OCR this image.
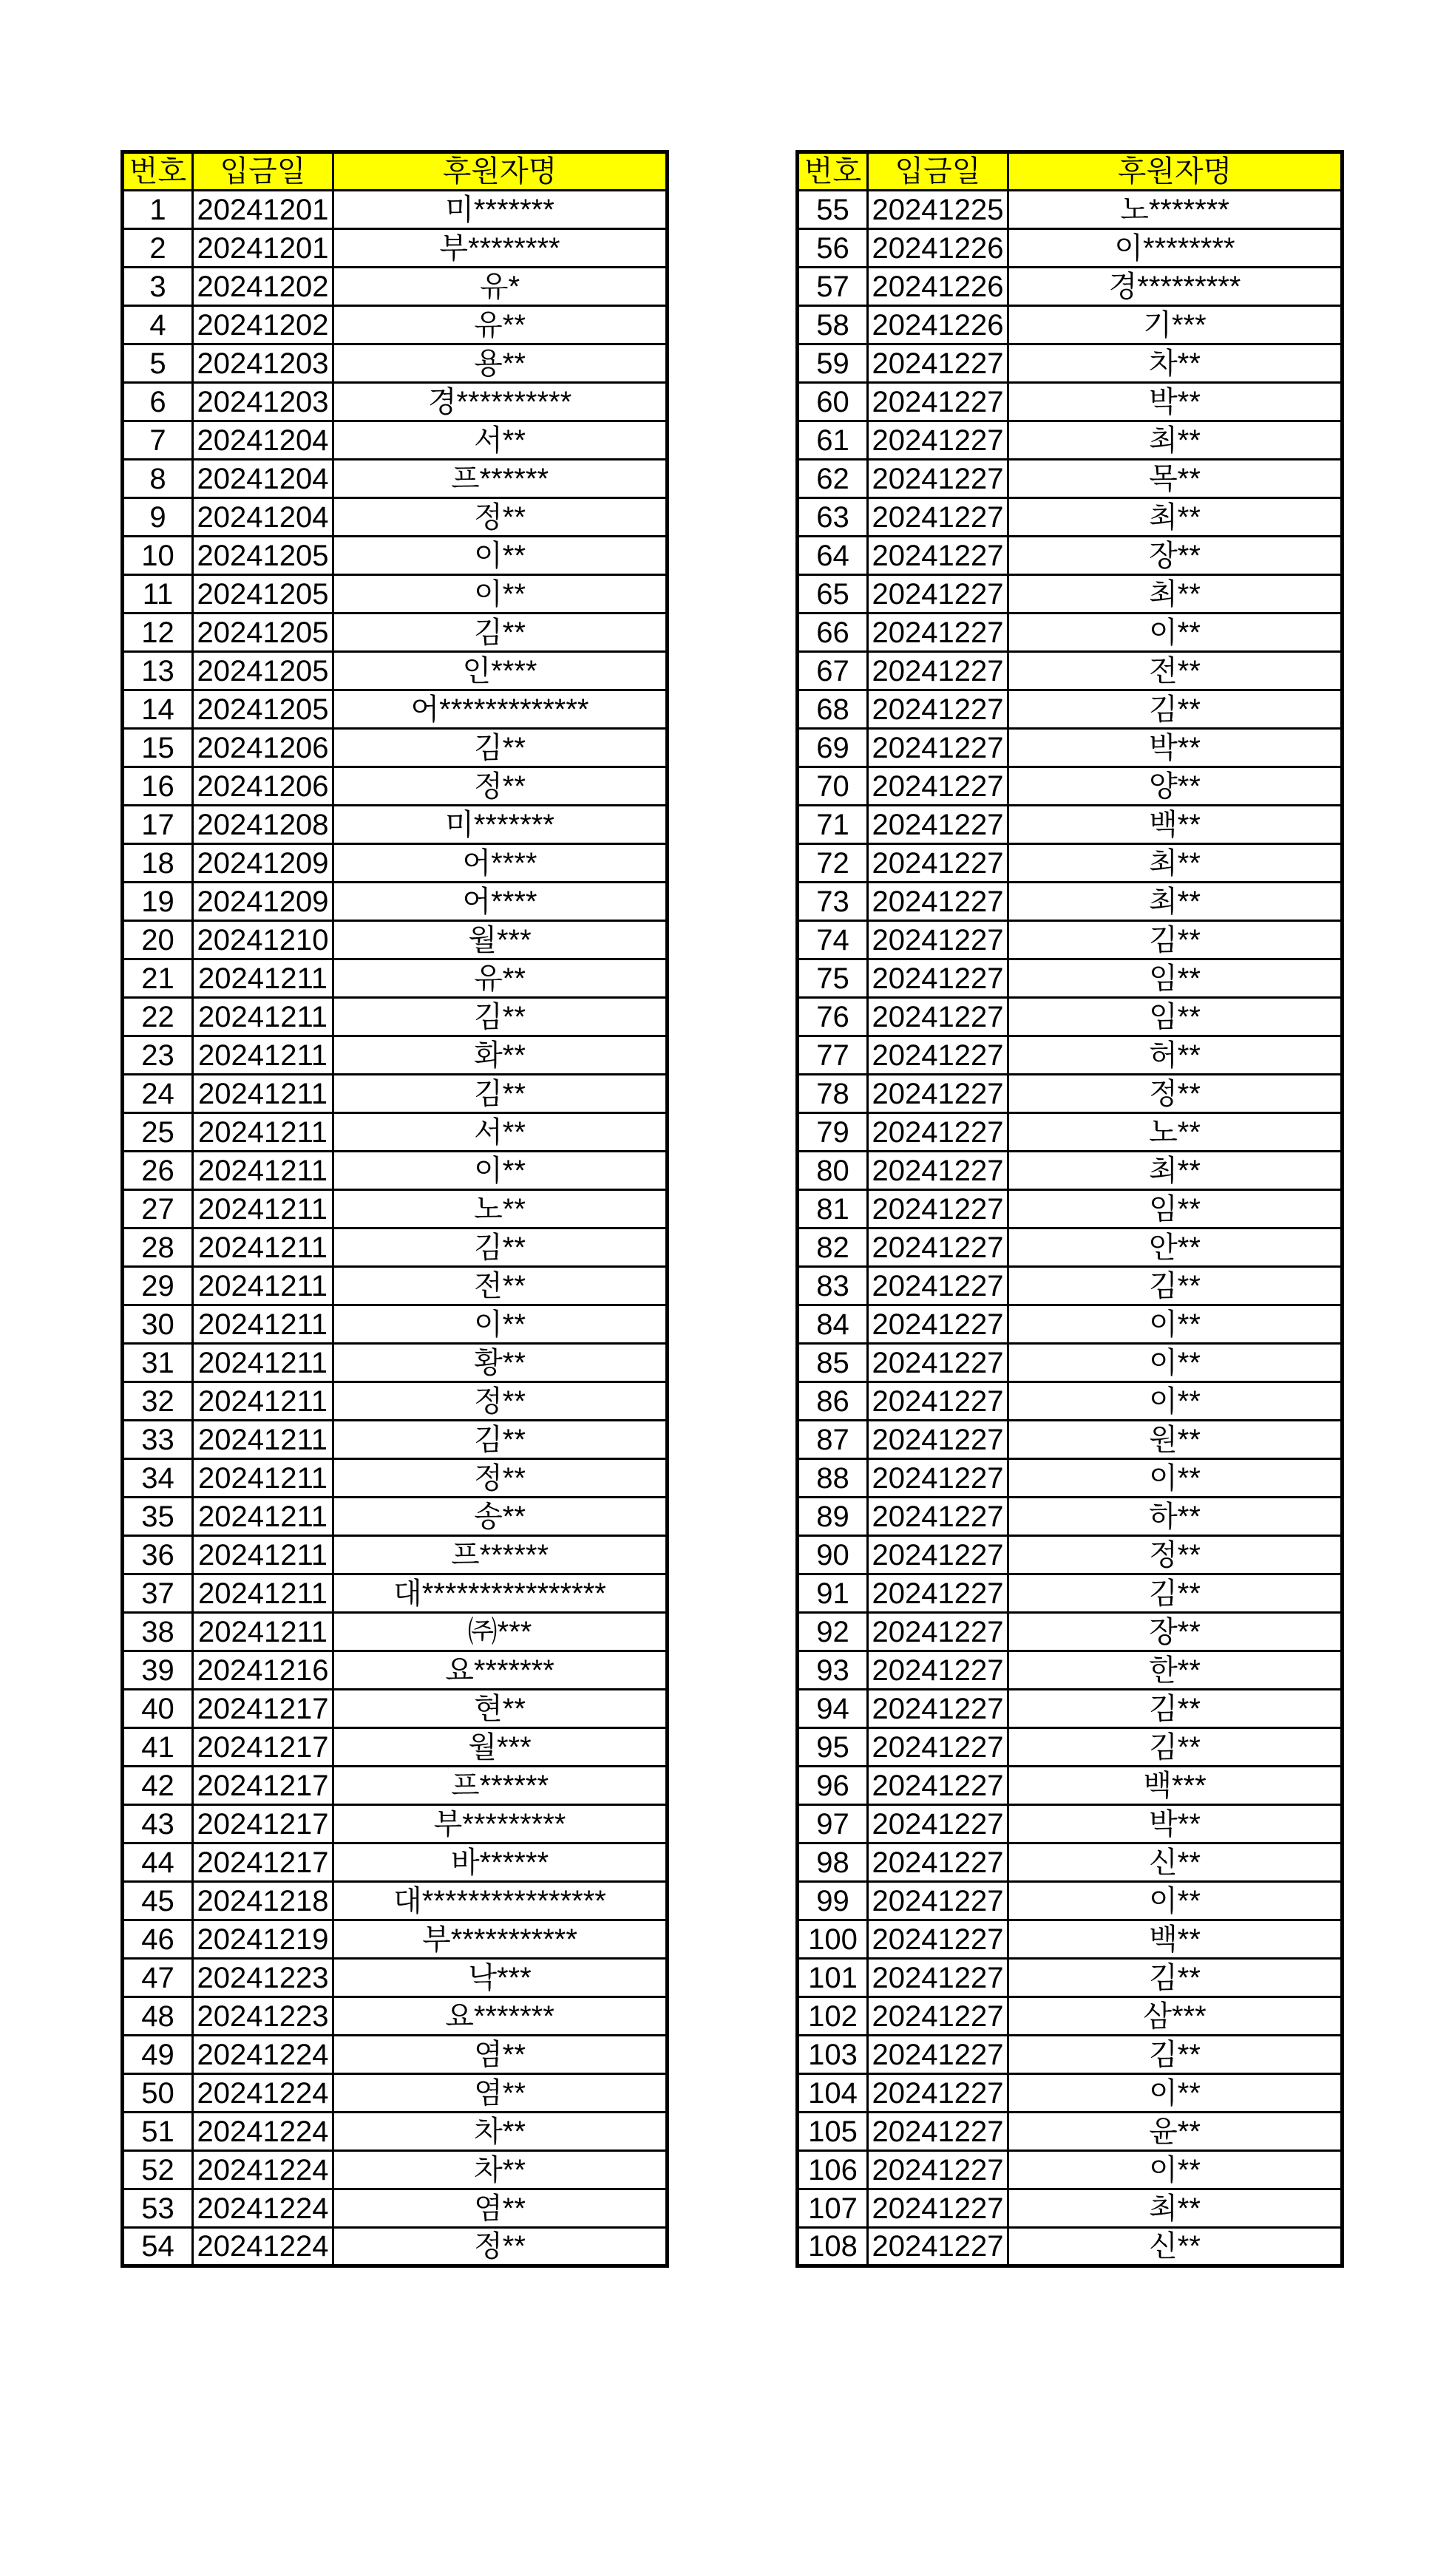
번호	입금일	후원자명
1	20241201	미*******
2	20241201	부********
3	20241202	유*
4	20241202	유**
5	20241203	용**
6	20241203	경**********
7	20241204	서**
8	20241204	프******
9	20241204	정**
10	20241205	이**
11	20241205	이**
12	20241205	김**
13	20241205	인****
14	20241205	어*************
15	20241206	김**
16	20241206	정**
17	20241208	미*******
18	20241209	어****
19	20241209	어****
20	20241210	월***
21	20241211	유**
22	20241211	김**
23	20241211	화**
24	20241211	김**
25	20241211	서**
26	20241211	이**
27	20241211	노**
28	20241211	김**
29	20241211	전**
30	20241211	이**
31	20241211	황**
32	20241211	정**
33	20241211	김**
34	20241211	정**
35	20241211	송**
36	20241211	프******
37	20241211	대****************
38	20241211	㈜***
39	20241216	요*******
40	20241217	현**
41	20241217	월***
42	20241217	프******
43	20241217	부*********
44	20241217	바******
45	20241218	대****************
46	20241219	부***********
47	20241223	낙***
48	20241223	요*******
49	20241224	염**
50	20241224	염**
51	20241224	차**
52	20241224	차**
53	20241224	염**
54	20241224	정**
번호	입금일	후원자명
55	20241225	노*******
56	20241226	이********
57	20241226	경*********
58	20241226	기***
59	20241227	차**
60	20241227	박**
61	20241227	최**
62	20241227	목**
63	20241227	최**
64	20241227	장**
65	20241227	최**
66	20241227	이**
67	20241227	전**
68	20241227	김**
69	20241227	박**
70	20241227	양**
71	20241227	백**
72	20241227	최**
73	20241227	최**
74	20241227	김**
75	20241227	임**
76	20241227	임**
77	20241227	허**
78	20241227	정**
79	20241227	노**
80	20241227	최**
81	20241227	임**
82	20241227	안**
83	20241227	김**
84	20241227	이**
85	20241227	이**
86	20241227	이**
87	20241227	원**
88	20241227	이**
89	20241227	하**
90	20241227	정**
91	20241227	김**
92	20241227	장**
93	20241227	한**
94	20241227	김**
95	20241227	김**
96	20241227	백***
97	20241227	박**
98	20241227	신**
99	20241227	이**
100	20241227	백**
101	20241227	김**
102	20241227	삼***
103	20241227	김**
104	20241227	이**
105	20241227	윤**
106	20241227	이**
107	20241227	최**
108	20241227	신**
